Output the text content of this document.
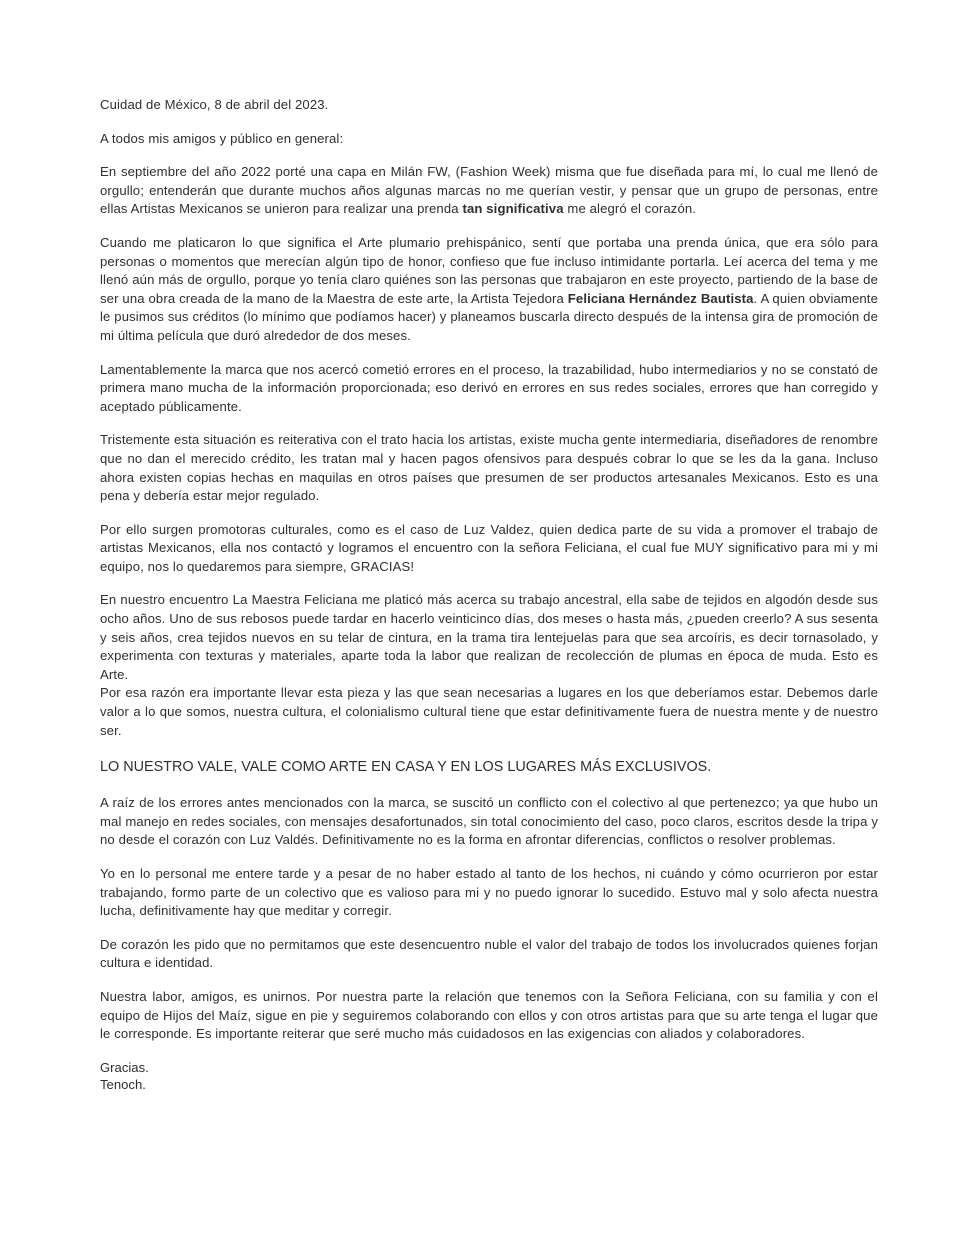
Cuidad de México, 8 de abril del 2023.

A todos mis amigos y público en general:

En septiembre del año 2022 porté una capa en Milán FW, (Fashion Week) misma que fue diseñada para mí, lo cual me llenó de orgullo; entenderán que durante muchos años algunas marcas no me querían vestir, y pensar que un grupo de personas, entre ellas Artistas Mexicanos se unieron para realizar una prenda tan significativa me alegró el corazón.

Cuando me platicaron lo que significa el Arte plumario prehispánico, sentí que portaba una prenda única, que era sólo para personas o momentos que merecían algún tipo de honor, confieso que fue incluso intimidante portarla. Leí acerca del tema y me llenó aún más de orgullo, porque yo tenía claro quiénes son las personas que trabajaron en este proyecto, partiendo de la base de ser una obra creada de la mano de la Maestra de este arte, la Artista Tejedora Feliciana Hernández Bautista. A quien obviamente le pusimos sus créditos (lo mínimo que podíamos hacer) y planeamos buscarla directo después de la intensa gira de promoción de mi última película que duró alrededor de dos meses.

Lamentablemente la marca que nos acercó cometió errores en el proceso, la trazabilidad, hubo intermediarios y no se constató de primera mano mucha de la información proporcionada; eso derivó en errores en sus redes sociales, errores que han corregido y aceptado públicamente.

Tristemente esta situación es reiterativa con el trato hacia los artistas, existe mucha gente intermediaria, diseñadores de renombre que no dan el merecido crédito, les tratan mal y hacen pagos ofensivos para después cobrar lo que se les da la gana. Incluso ahora existen copias hechas en maquilas en otros países que presumen de ser productos artesanales Mexicanos. Esto es una pena y debería estar mejor regulado.

Por ello surgen promotoras culturales, como es el caso de Luz Valdez, quien dedica parte de su vida a promover el trabajo de artistas Mexicanos, ella nos contactó y logramos el encuentro con la señora Feliciana, el cual fue MUY significativo para mi y mi equipo, nos lo quedaremos para siempre, GRACIAS!

En nuestro encuentro La Maestra Feliciana me platicó más acerca su trabajo ancestral, ella sabe de tejidos en algodón desde sus ocho años. Uno de sus rebosos puede tardar en hacerlo veinticinco días, dos meses o hasta más, ¿pueden creerlo? A sus sesenta y seis años, crea tejidos nuevos en su telar de cintura, en la trama tira lentejuelas para que sea arcoíris, es decir tornasolado, y experimenta con texturas y materiales, aparte toda la labor que realizan de recolección de plumas en época de muda. Esto es Arte.

Por esa razón era importante llevar esta pieza y las que sean necesarias a lugares en los que deberíamos estar. Debemos darle valor a lo que somos, nuestra cultura, el colonialismo cultural tiene que estar definitivamente fuera de nuestra mente y de nuestro ser.

LO NUESTRO VALE, VALE COMO ARTE EN CASA Y EN LOS LUGARES MÁS EXCLUSIVOS.

A raíz de los errores antes mencionados con la marca, se suscitó un conflicto con el colectivo al que pertenezco; ya que hubo un mal manejo en redes sociales, con mensajes desafortunados, sin total conocimiento del caso, poco claros, escritos desde la tripa y no desde el corazón con Luz Valdés. Definitivamente no es la forma en afrontar diferencias, conflictos o resolver problemas.

Yo en lo personal me entere tarde y a pesar de no haber estado al tanto de los hechos, ni cuándo y cómo ocurrieron por estar trabajando, formo parte de un colectivo que es valioso para mi y no puedo ignorar lo sucedido. Estuvo mal y solo afecta nuestra lucha, definitivamente hay que meditar y corregir.

De corazón les pido que no permitamos que este desencuentro nuble el valor del trabajo de todos los involucrados quienes forjan cultura e identidad.

Nuestra labor, amigos, es unirnos. Por nuestra parte la relación que tenemos con la Señora Feliciana, con su familia y con el equipo de Hijos del Maíz, sigue en pie y seguiremos colaborando con ellos y con otros artistas para que su arte tenga el lugar que le corresponde. Es importante reiterar que seré mucho más cuidadosos en las exigencias con aliados y colaboradores.

Gracias.
Tenoch.
